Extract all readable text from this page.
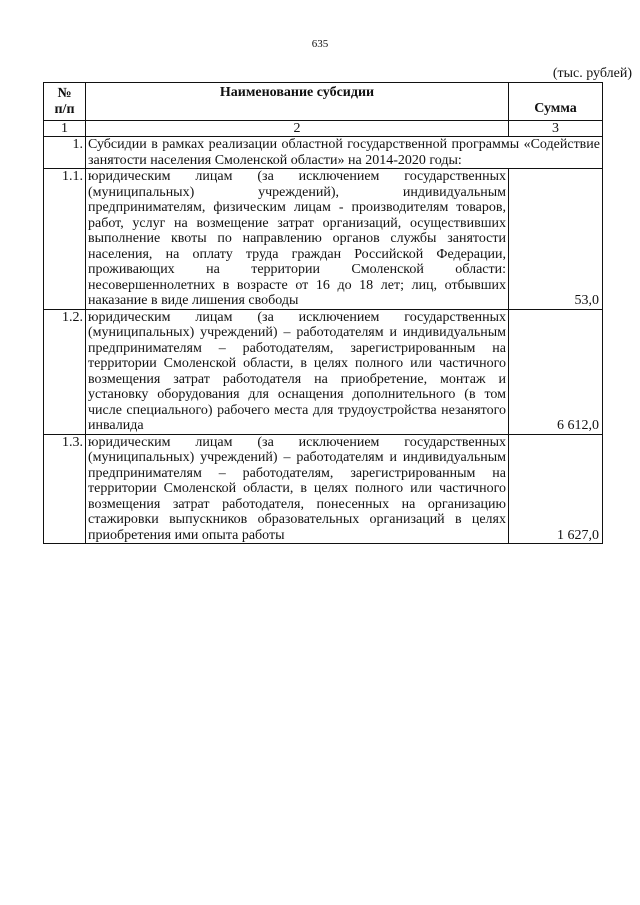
635
(тыс. рублей)
№
п/п	Наименование субсидии	Сумма
1	2	3
1.	Субсидии в рамках реализации областной государственной программы «Содействие занятости населения Смоленской области» на 2014-2020 годы:	
1.1.	юридическим лицам (за исключением государственных (муниципальных) учреждений), индивидуальным предпринимателям, физическим лицам - производителям товаров, работ, услуг на возмещение затрат организаций, осуществивших выполнение квоты по направлению органов службы занятости населения, на оплату труда граждан Российской Федерации, проживающих на территории Смоленской области: несовершеннолетних в возрасте от 16 до 18 лет; лиц, отбывших наказание в виде лишения свободы	53,0
1.2.	юридическим лицам (за исключением государственных (муниципальных) учреждений) – работодателям и индивидуальным предпринимателям – работодателям, зарегистрированным на территории Смоленской области, в целях полного или частичного возмещения затрат работодателя на приобретение, монтаж и установку оборудования для оснащения дополнительного (в том числе специального) рабочего места для трудоустройства незанятого инвалида	6 612,0
1.3.	юридическим лицам (за исключением государственных (муниципальных) учреждений) – работодателям и индивидуальным предпринимателям – работодателям, зарегистрированным на территории Смоленской области, в целях полного или частичного возмещения затрат работодателя, понесенных на организацию стажировки выпускников образовательных организаций в целях приобретения ими опыта работы	1 627,0
